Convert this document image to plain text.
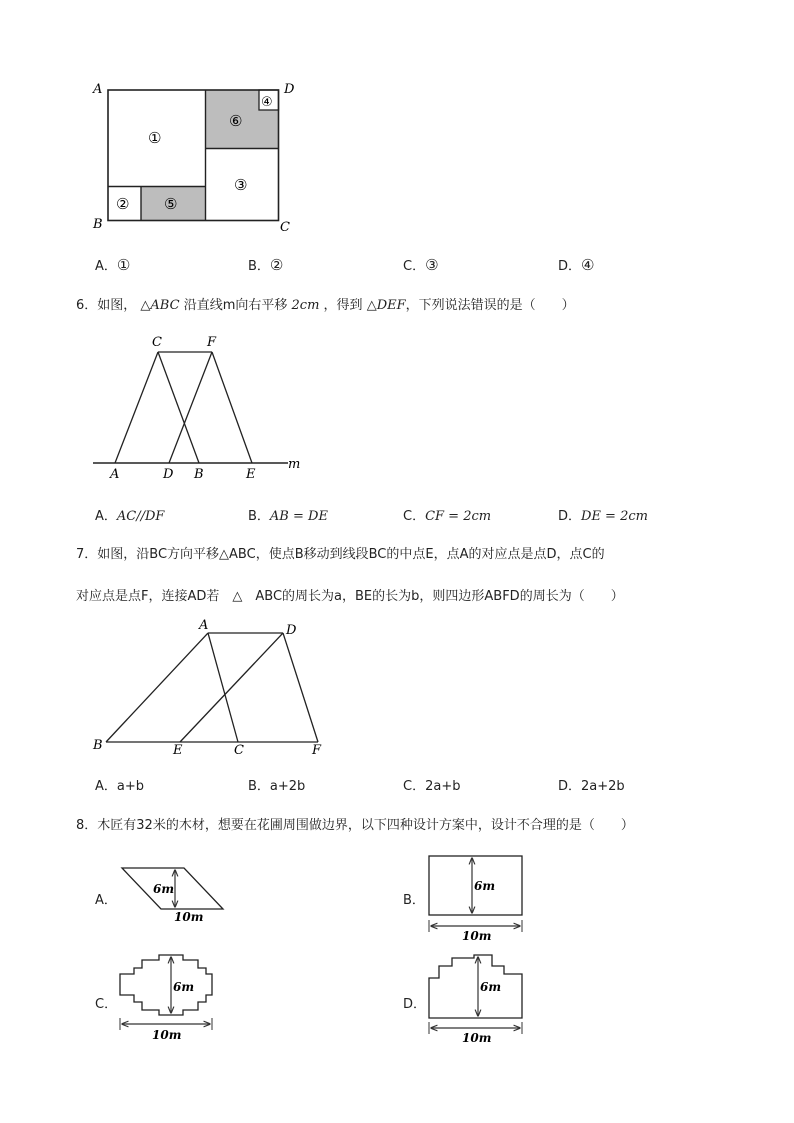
A	D
B	C
①
②
③
④
⑤
⑥
A．①	B．②	C．③	D．④
6．如图， △ABC 沿直线m向右平移 2cm ，得到 △DEF，下列说法错误的是（　　）
C	F
A	D B	E
m
A．AC//DF	B．AB = DE	C．CF = 2cm	D．DE = 2cm
7．如图，沿BC方向平移△ABC，使点B移动到线段BC的中点E，点A的对应点是点D，点C的
对应点是点F，连接AD若　△　ABC的周长为a，BE的长为b，则四边形ABFD的周长为（　　）
A	D
B	E	C	F
A．a+b	B．a+2b	C．2a+b	D．2a+2b
8．木匠有32米的木材，想要在花圃周围做边界，以下四种设计方案中，设计不合理的是（　　）
A．
6m
10m
B．
6m
10m
C．
6m
10m
D．
6m
10m
